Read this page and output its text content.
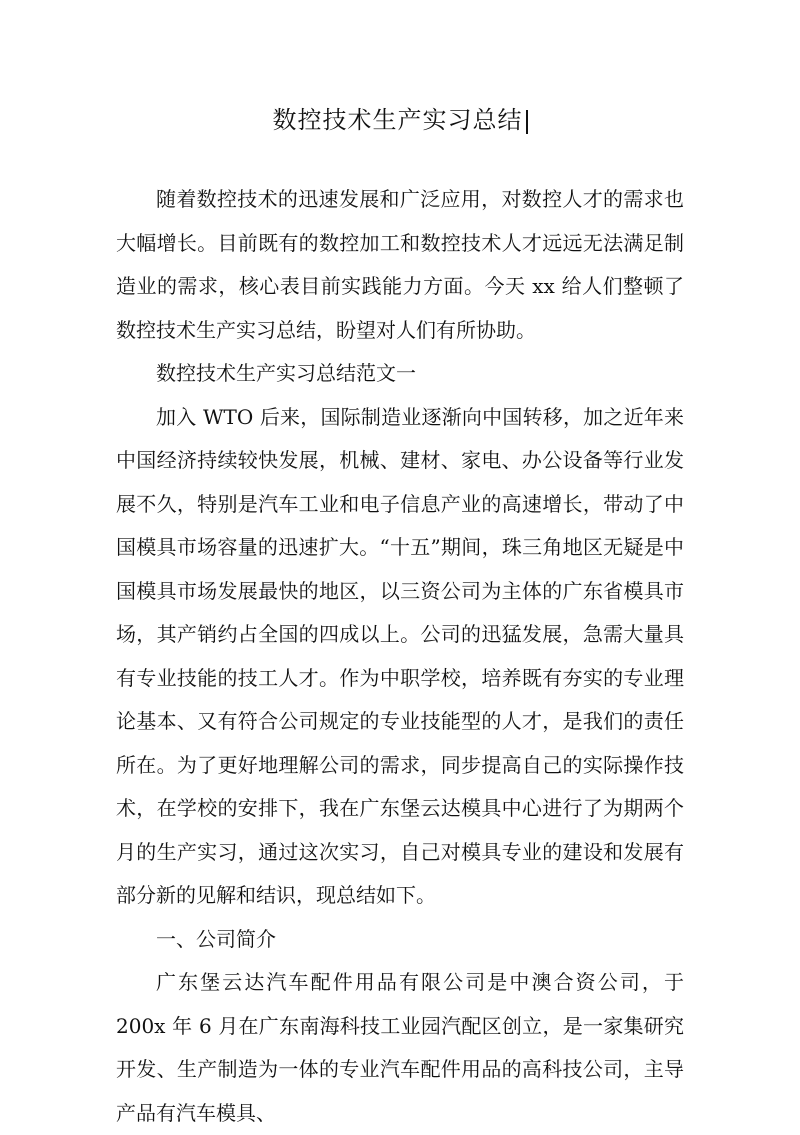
数控技术生产实习总结

随着数控技术的迅速发展和广泛应用，对数控人才的需求也大幅增长。目前既有的数控加工和数控技术人才远远无法满足制造业的需求，核心表目前实践能力方面。今天 xx 给人们整顿了数控技术生产实习总结，盼望对人们有所协助。

数控技术生产实习总结范文一

加入 WTO 后来，国际制造业逐渐向中国转移，加之近年来中国经济持续较快发展，机械、建材、家电、办公设备等行业发展不久，特别是汽车工业和电子信息产业的高速增长，带动了中国模具市场容量的迅速扩大。“十五”期间，珠三角地区无疑是中国模具市场发展最快的地区，以三资公司为主体的广东省模具市场，其产销约占全国的四成以上。公司的迅猛发展，急需大量具有专业技能的技工人才。作为中职学校，培养既有夯实的专业理论基本、又有符合公司规定的专业技能型的人才，是我们的责任所在。为了更好地理解公司的需求，同步提高自己的实际操作技术，在学校的安排下，我在广东堡云达模具中心进行了为期两个月的生产实习，通过这次实习，自己对模具专业的建设和发展有部分新的见解和结识，现总结如下。

一、公司简介

广东堡云达汽车配件用品有限公司是中澳合资公司，于 200x 年 6 月在广东南海科技工业园汽配区创立，是一家集研究开发、生产制造为一体的专业汽车配件用品的高科技公司，主导产品有汽车模具、
